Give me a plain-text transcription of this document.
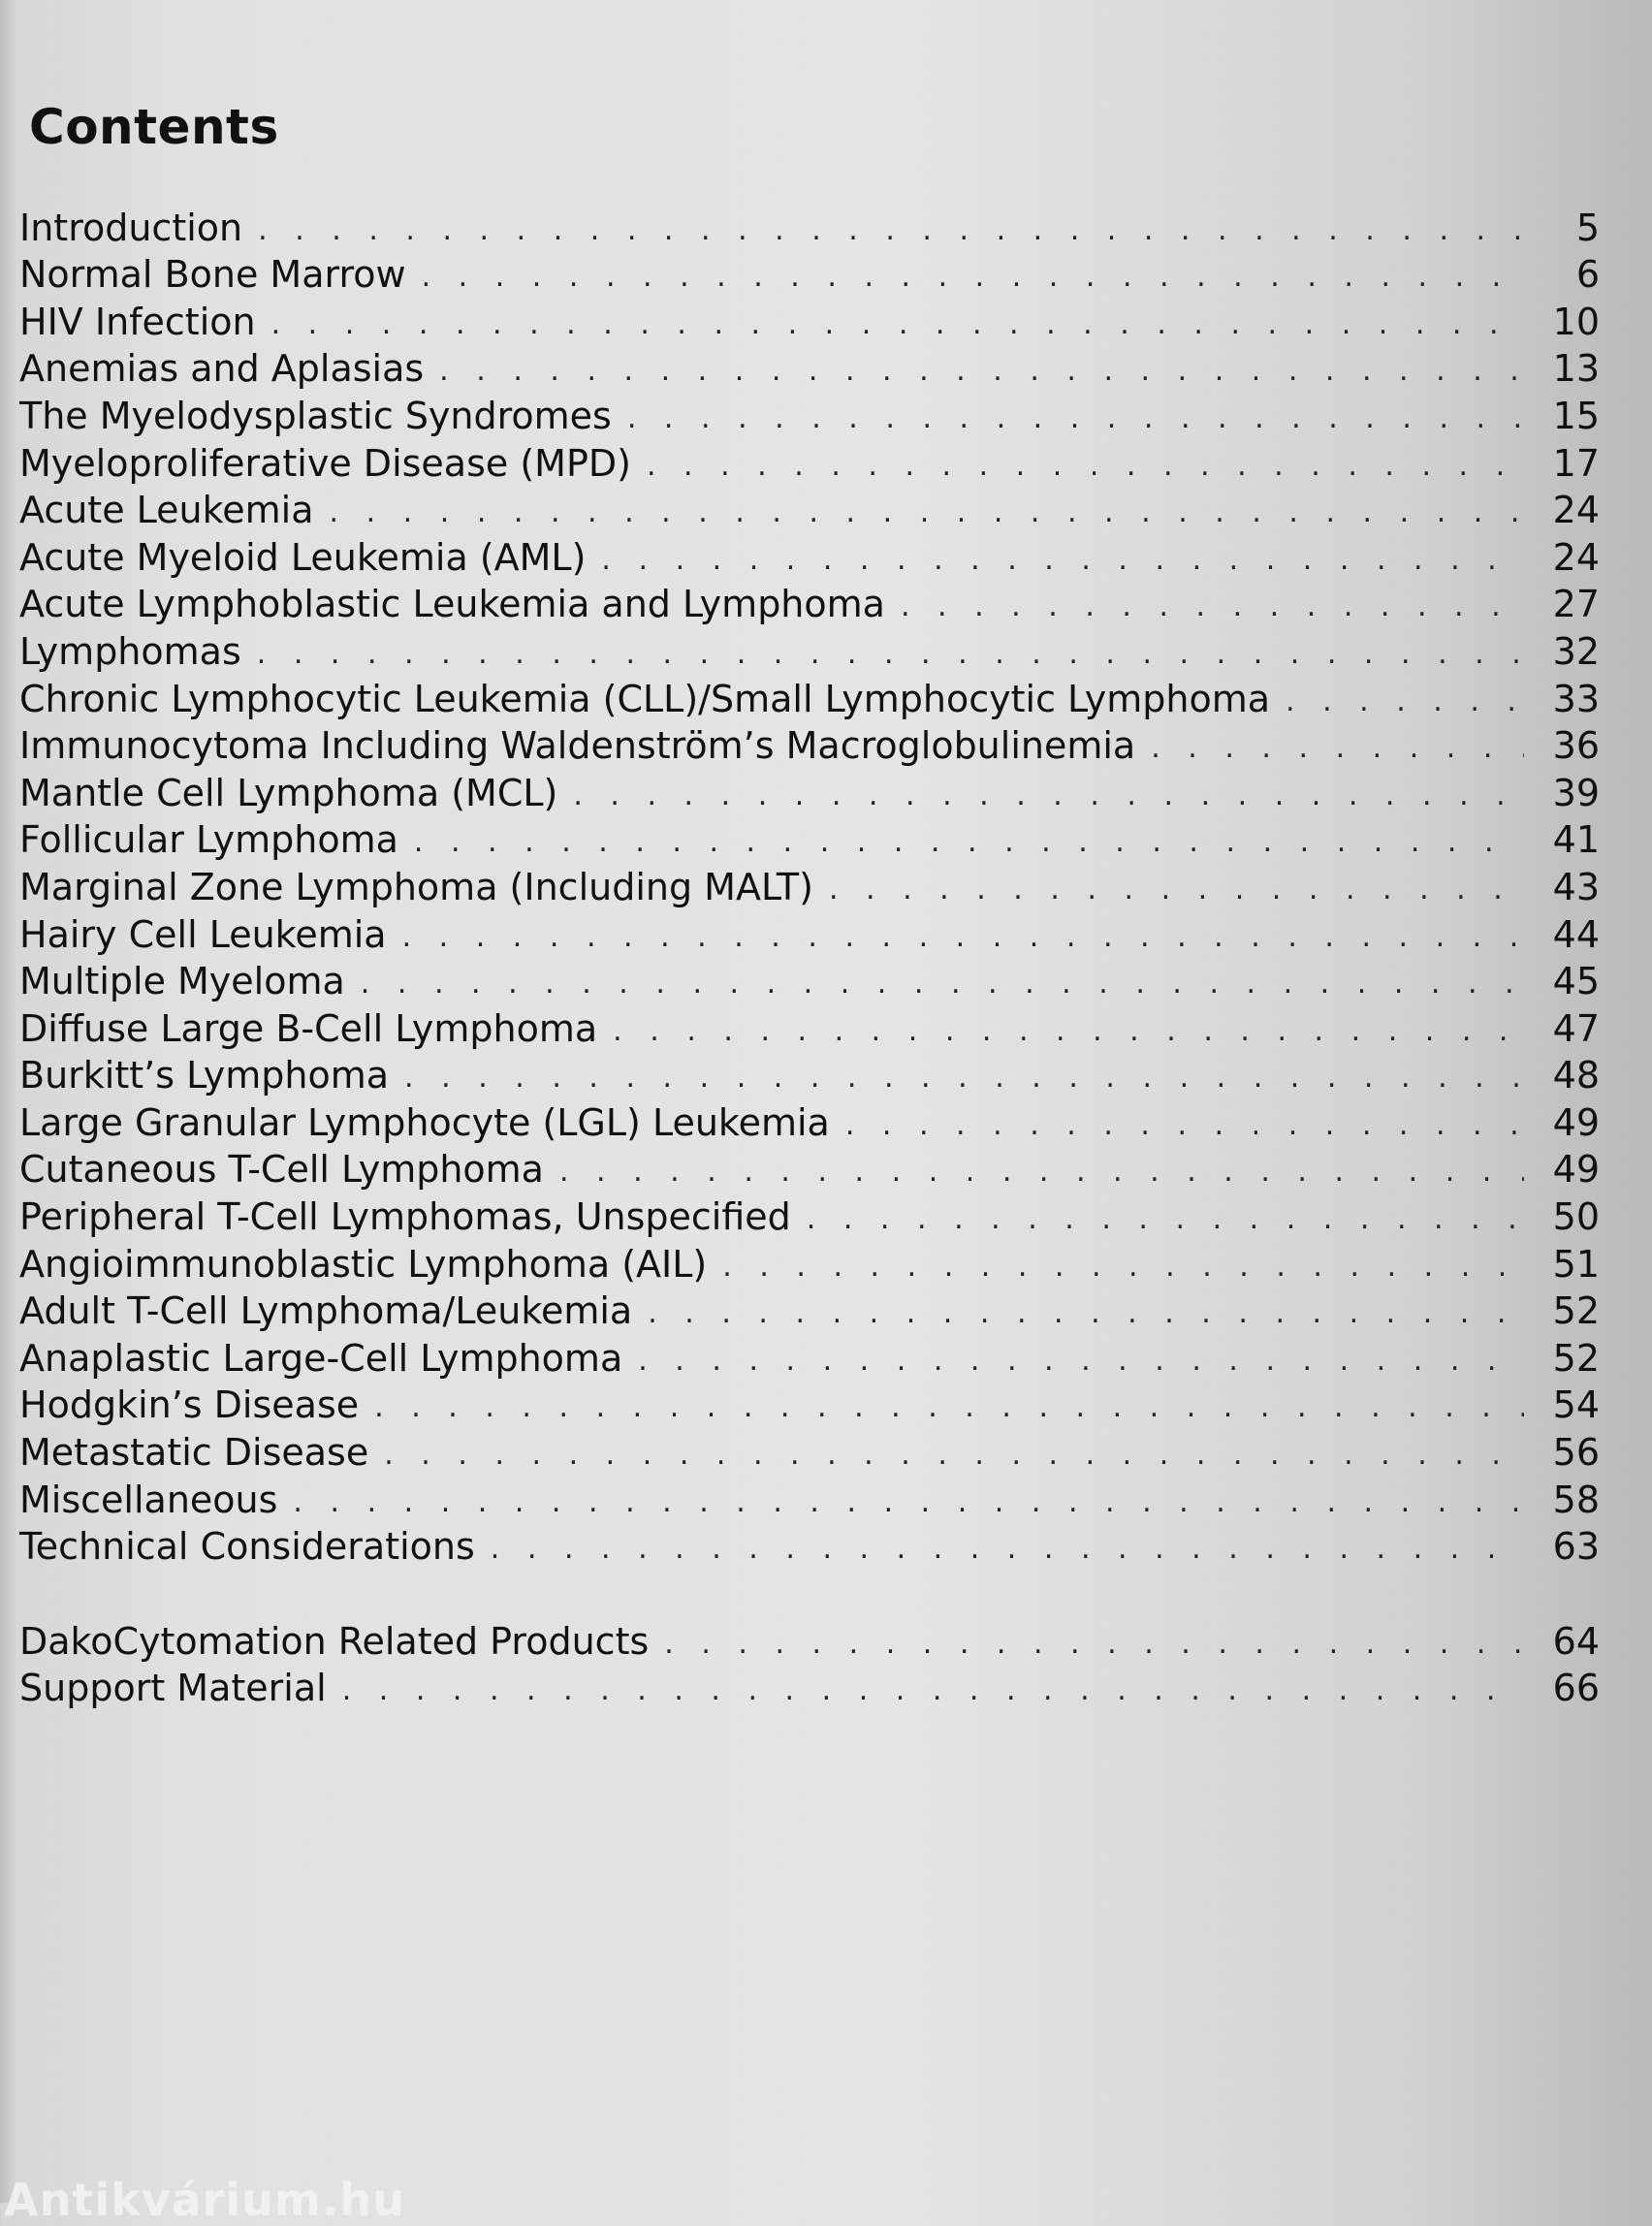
Contents
Introduction . . .	5
Normal Bone Marrow . . .	6
HIV Infection . . .	10
Anemias and Aplasias . . .	13
The Myelodysplastic Syndromes . . .	15
Myeloproliferative Disease (MPD) . . .	17
Acute Leukemia . . .	24
Acute Myeloid Leukemia (AML) . . .	24
Acute Lymphoblastic Leukemia and Lymphoma . . .	27
Lymphomas . . .	32
Chronic Lymphocytic Leukemia (CLL)/Small Lymphocytic Lymphoma . . .	33
Immunocytoma Including Waldenström’s Macroglobulinemia . . .	36
Mantle Cell Lymphoma (MCL) . . .	39
Follicular Lymphoma . . .	41
Marginal Zone Lymphoma (Including MALT) . . .	43
Hairy Cell Leukemia . . .	44
Multiple Myeloma . . .	45
Diffuse Large B-Cell Lymphoma . . .	47
Burkitt’s Lymphoma . . .	48
Large Granular Lymphocyte (LGL) Leukemia . . .	49
Cutaneous T-Cell Lymphoma . . .	49
Peripheral T-Cell Lymphomas, Unspecified . . .	50
Angioimmunoblastic Lymphoma (AIL) . . .	51
Adult T-Cell Lymphoma/Leukemia . . .	52
Anaplastic Large-Cell Lymphoma . . .	52
Hodgkin’s Disease . . .	54
Metastatic Disease . . .	56
Miscellaneous . . .	58
Technical Considerations . . .	63
DakoCytomation Related Products . . .	64
Support Material . . .	66
Antikvárium.hu
